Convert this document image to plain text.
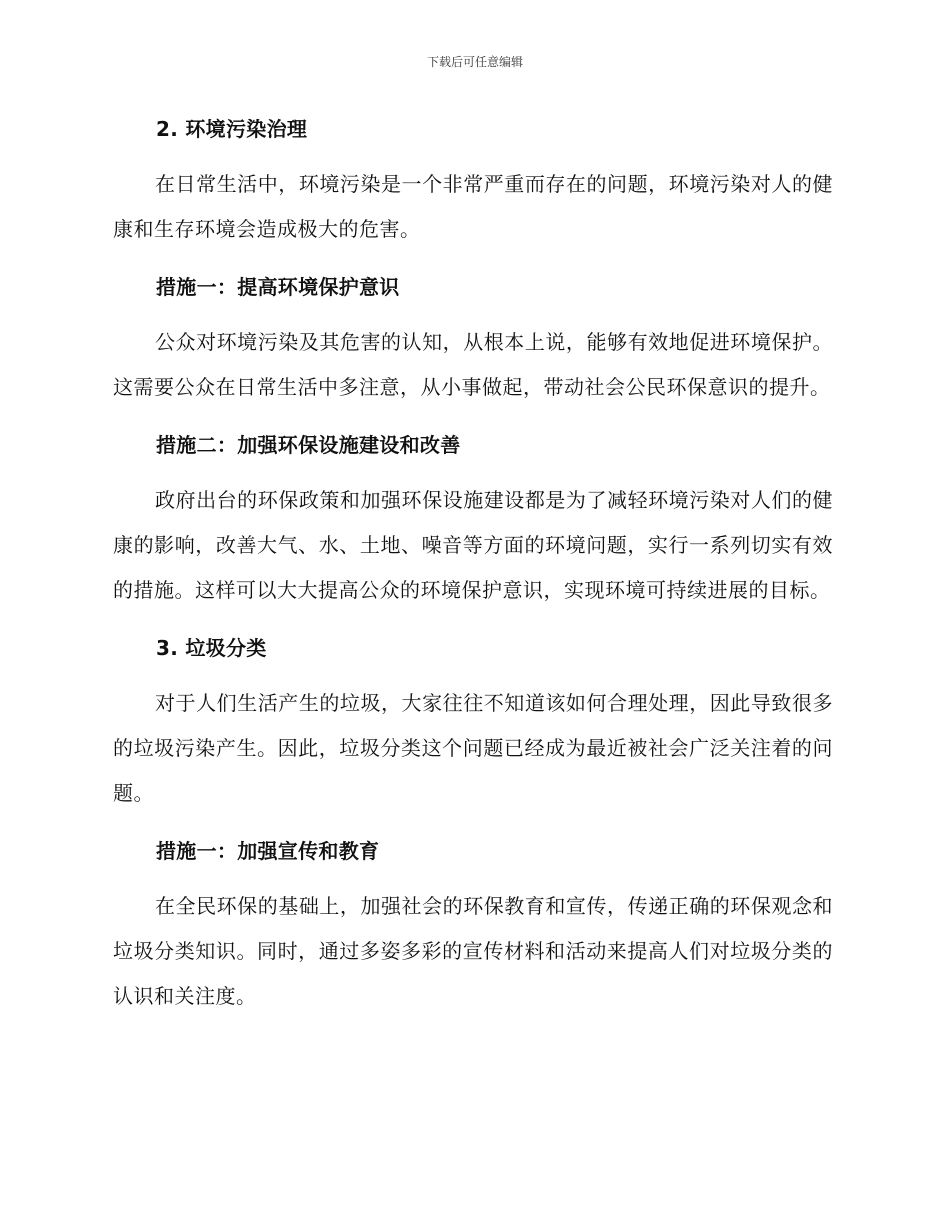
下载后可任意编辑
2. 环境污染治理

在日常生活中，环境污染是一个非常严重而存在的问题，环境污染对人的健康和生存环境会造成极大的危害。

措施一：提高环境保护意识

公众对环境污染及其危害的认知，从根本上说，能够有效地促进环境保护。这需要公众在日常生活中多注意，从小事做起，带动社会公民环保意识的提升。

措施二：加强环保设施建设和改善

政府出台的环保政策和加强环保设施建设都是为了减轻环境污染对人们的健康的影响，改善大气、水、土地、噪音等方面的环境问题，实行一系列切实有效的措施。这样可以大大提高公众的环境保护意识，实现环境可持续进展的目标。

3. 垃圾分类

对于人们生活产生的垃圾，大家往往不知道该如何合理处理，因此导致很多的垃圾污染产生。因此，垃圾分类这个问题已经成为最近被社会广泛关注着的问题。

措施一：加强宣传和教育

在全民环保的基础上，加强社会的环保教育和宣传，传递正确的环保观念和垃圾分类知识。同时，通过多姿多彩的宣传材料和活动来提高人们对垃圾分类的认识和关注度。
